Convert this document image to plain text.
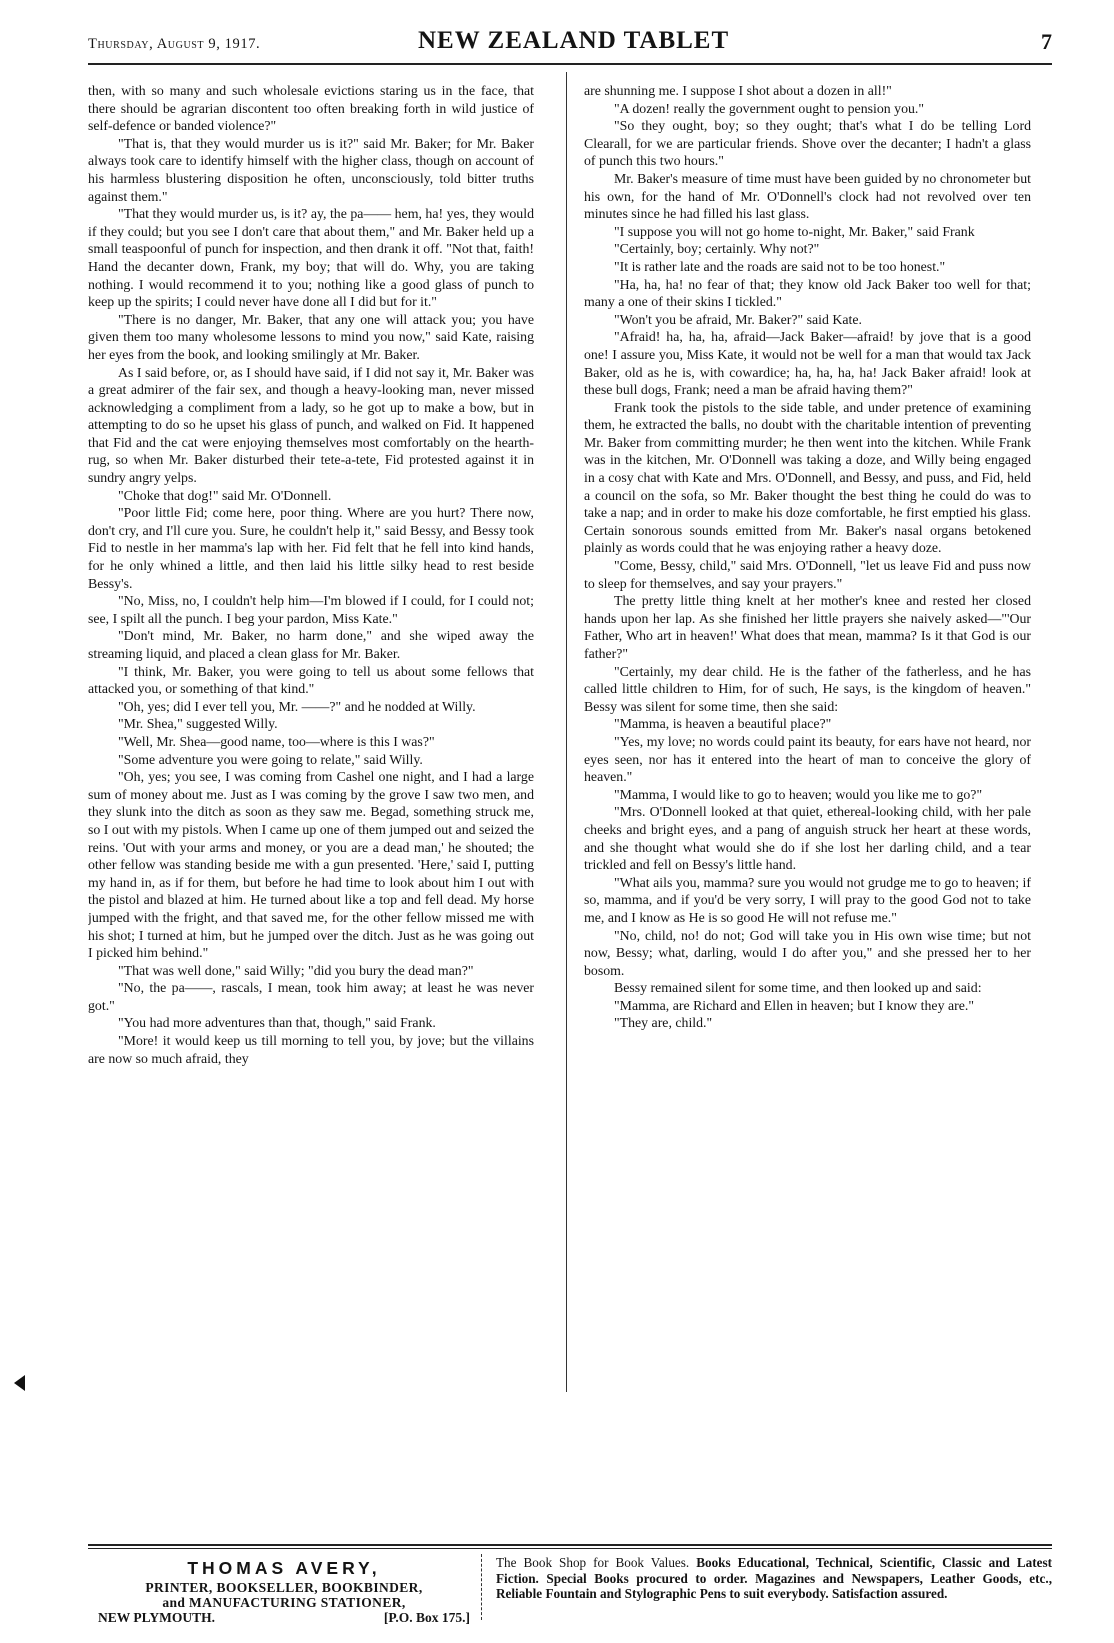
Thursday, August 9, 1917.	NEW ZEALAND TABLET	7

then, with so many and such wholesale evictions staring us in the face, that there should be agrarian discontent too often breaking forth in wild justice of self-defence or banded violence?"

"That is, that they would murder us is it?" said Mr. Baker; for Mr. Baker always took care to identify himself with the higher class, though on account of his harmless blustering disposition he often, unconsciously, told bitter truths against them."

"That they would murder us, is it? ay, the pa—— hem, ha! yes, they would if they could; but you see I don't care that about them," and Mr. Baker held up a small teaspoonful of punch for inspection, and then drank it off. "Not that, faith! Hand the decanter down, Frank, my boy; that will do. Why, you are taking nothing. I would recommend it to you; nothing like a good glass of punch to keep up the spirits; I could never have done all I did but for it."

"There is no danger, Mr. Baker, that any one will attack you; you have given them too many wholesome lessons to mind you now," said Kate, raising her eyes from the book, and looking smilingly at Mr. Baker.

As I said before, or, as I should have said, if I did not say it, Mr. Baker was a great admirer of the fair sex, and though a heavy-looking man, never missed acknowledging a compliment from a lady, so he got up to make a bow, but in attempting to do so he upset his glass of punch, and walked on Fid. It happened that Fid and the cat were enjoying themselves most comfortably on the hearth-rug, so when Mr. Baker disturbed their tete-a-tete, Fid protested against it in sundry angry yelps.

"Choke that dog!" said Mr. O'Donnell.

"Poor little Fid; come here, poor thing. Where are you hurt? There now, don't cry, and I'll cure you. Sure, he couldn't help it," said Bessy, and Bessy took Fid to nestle in her mamma's lap with her. Fid felt that he fell into kind hands, for he only whined a little, and then laid his little silky head to rest beside Bessy's.

"No, Miss, no, I couldn't help him—I'm blowed if I could, for I could not; see, I spilt all the punch. I beg your pardon, Miss Kate."

"Don't mind, Mr. Baker, no harm done," and she wiped away the streaming liquid, and placed a clean glass for Mr. Baker.

"I think, Mr. Baker, you were going to tell us about some fellows that attacked you, or something of that kind."

"Oh, yes; did I ever tell you, Mr. ——?" and he nodded at Willy.

"Mr. Shea," suggested Willy.

"Well, Mr. Shea—good name, too—where is this I was?"

"Some adventure you were going to relate," said Willy.

"Oh, yes; you see, I was coming from Cashel one night, and I had a large sum of money about me. Just as I was coming by the grove I saw two men, and they slunk into the ditch as soon as they saw me. Begad, something struck me, so I out with my pistols. When I came up one of them jumped out and seized the reins. 'Out with your arms and money, or you are a dead man,' he shouted; the other fellow was standing beside me with a gun presented. 'Here,' said I, putting my hand in, as if for them, but before he had time to look about him I out with the pistol and blazed at him. He turned about like a top and fell dead. My horse jumped with the fright, and that saved me, for the other fellow missed me with his shot; I turned at him, but he jumped over the ditch. Just as he was going out I picked him behind."

"That was well done," said Willy; "did you bury the dead man?"

"No, the pa——, rascals, I mean, took him away; at least he was never got."

"You had more adventures than that, though," said Frank.

"More! it would keep us till morning to tell you, by jove; but the villains are now so much afraid, they

are shunning me. I suppose I shot about a dozen in all!"

"A dozen! really the government ought to pension you."

"So they ought, boy; so they ought; that's what I do be telling Lord Clearall, for we are particular friends. Shove over the decanter; I hadn't a glass of punch this two hours."

Mr. Baker's measure of time must have been guided by no chronometer but his own, for the hand of Mr. O'Donnell's clock had not revolved over ten minutes since he had filled his last glass.

"I suppose you will not go home to-night, Mr. Baker," said Frank

"Certainly, boy; certainly. Why not?"

"It is rather late and the roads are said not to be too honest."

"Ha, ha, ha! no fear of that; they know old Jack Baker too well for that; many a one of their skins I tickled."

"Won't you be afraid, Mr. Baker?" said Kate.

"Afraid! ha, ha, ha, afraid—Jack Baker—afraid! by jove that is a good one! I assure you, Miss Kate, it would not be well for a man that would tax Jack Baker, old as he is, with cowardice; ha, ha, ha, ha! Jack Baker afraid! look at these bull dogs, Frank; need a man be afraid having them?"

Frank took the pistols to the side table, and under pretence of examining them, he extracted the balls, no doubt with the charitable intention of preventing Mr. Baker from committing murder; he then went into the kitchen. While Frank was in the kitchen, Mr. O'Donnell was taking a doze, and Willy being engaged in a cosy chat with Kate and Mrs. O'Donnell, and Bessy, and puss, and Fid, held a council on the sofa, so Mr. Baker thought the best thing he could do was to take a nap; and in order to make his doze comfortable, he first emptied his glass. Certain sonorous sounds emitted from Mr. Baker's nasal organs betokened plainly as words could that he was enjoying rather a heavy doze.

"Come, Bessy, child," said Mrs. O'Donnell, "let us leave Fid and puss now to sleep for themselves, and say your prayers."

The pretty little thing knelt at her mother's knee and rested her closed hands upon her lap. As she finished her little prayers she naively asked—"'Our Father, Who art in heaven!' What does that mean, mamma? Is it that God is our father?"

"Certainly, my dear child. He is the father of the fatherless, and he has called little children to Him, for of such, He says, is the kingdom of heaven." Bessy was silent for some time, then she said:

"Mamma, is heaven a beautiful place?"

"Yes, my love; no words could paint its beauty, for ears have not heard, nor eyes seen, nor has it entered into the heart of man to conceive the glory of heaven."

"Mamma, I would like to go to heaven; would you like me to go?"

"Mrs. O'Donnell looked at that quiet, ethereal-looking child, with her pale cheeks and bright eyes, and a pang of anguish struck her heart at these words, and she thought what would she do if she lost her darling child, and a tear trickled and fell on Bessy's little hand.

"What ails you, mamma? sure you would not grudge me to go to heaven; if so, mamma, and if you'd be very sorry, I will pray to the good God not to take me, and I know as He is so good He will not refuse me."

"No, child, no! do not; God will take you in His own wise time; but not now, Bessy; what, darling, would I do after you," and she pressed her to her bosom.

Bessy remained silent for some time, and then looked up and said:

"Mamma, are Richard and Ellen in heaven; but I know they are."

"They are, child."

THOMAS AVERY,
PRINTER, BOOKSELLER, BOOKBINDER,
and MANUFACTURING STATIONER,
NEW PLYMOUTH.	[P.O. Box 175.]
The Book Shop for Book Values. Books Educational, Technical, Scientific, Classic and Latest Fiction. Special Books procured to order. Magazines and Newspapers, Leather Goods, etc., Reliable Fountain and Stylographic Pens to suit everybody. Satisfaction assured.
